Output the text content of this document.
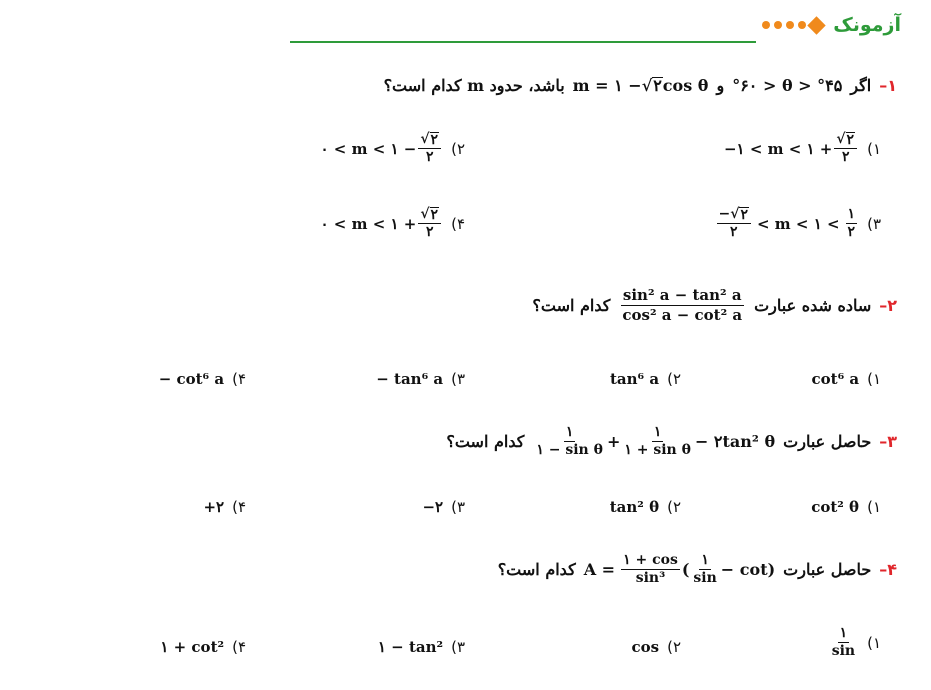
آزمونک
۱–
اگر
°۶۰ > θ > °۴۵
و
m = ۱ − √ ۲ cos θ
باشد، حدود m کدام است؟
۱)
−۱ < m < ۱ + $\frac{√ ۲}{۲}$
۲)
۰ < m < ۱ − $\frac{√ ۲}{۲}$
۳)
$\frac{-√ ۲}{۲} < m$ < ۱ < $\frac{۱}{۲}$
۴)
۰ < m < ۱ + $\frac{√ ۲}{۲}$
۲–
ساده شده عبارت
$\frac{\text{sin² a − tan² a}}{\text{cos² a − cot² a}}$
کدام است؟
۱)
cot⁶ a
۲)
tan⁶ a
۳)
− tan⁶ a
۴)
− cot⁶ a
۳–
حاصل عبارت
$\frac{۱}{\text{۱ − sin θ}} + \frac{۱}{\text{۱ + sin θ}}$ − ۲tan² θ
کدام است؟
۱)
cot² θ
۲)
tan² θ
۳)
−۲
۴)
+۲
۴–
حاصل عبارت
$A = \frac{۱ + \cos}{\text{sin³}}$ ( $\frac{۱}{\sin} - \cot$)
کدام است؟
۱)
$\frac{۱}{\sin}$
۲)
cos
۳)
۱ − tan²
۴)
۱ + cot²
